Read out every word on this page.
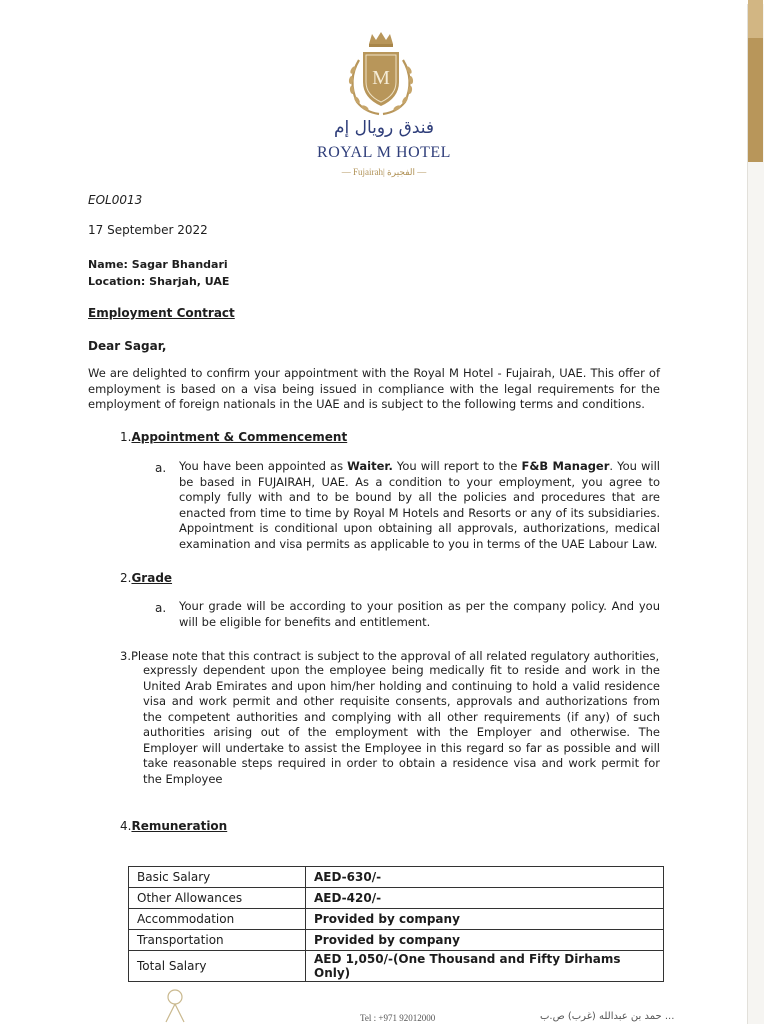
M
فندق رويال إم
ROYAL M HOTEL
— Fujairah| الفجيرة —
EOL0013
17 September 2022
Name: Sagar Bhandari
Location: Sharjah, UAE
Employment Contract
Dear Sagar,
We are delighted to confirm your appointment with the Royal M Hotel - Fujairah, UAE. This offer of employment is based on a visa being issued in compliance with the legal requirements for the employment of foreign nationals in the UAE and is subject to the following terms and conditions.
1.Appointment & Commencement
a. You have been appointed as Waiter. You will report to the F&B Manager. You will be based in FUJAIRAH, UAE. As a condition to your employment, you agree to comply fully with and to be bound by all the policies and procedures that are enacted from time to time by Royal M Hotels and Resorts or any of its subsidiaries. Appointment is conditional upon obtaining all approvals, authorizations, medical examination and visa permits as applicable to you in terms of the UAE Labour Law.
2.Grade
a. Your grade will be according to your position as per the company policy. And you will be eligible for benefits and entitlement.
3.Please note that this contract is subject to the approval of all related regulatory authorities,
expressly dependent upon the employee being medically fit to reside and work in the United Arab Emirates and upon him/her holding and continuing to hold a valid residence visa and work permit and other requisite consents, approvals and authorizations from the competent authorities and complying with all other requirements (if any) of such authorities arising out of the employment with the Employer and otherwise. The Employer will undertake to assist the Employee in this regard so far as possible and will take reasonable steps required in order to obtain a residence visa and work permit for the Employee
4.Remuneration
Basic Salary	AED-630/-
Other Allowances	AED-420/-
Accommodation	Provided by company
Transportation	Provided by company
Total Salary	AED 1,050/-(One Thousand and Fifty Dirhams Only)
Tel : +971 92012000	حمد بن عبدالله (غرب) ص.ب ...
